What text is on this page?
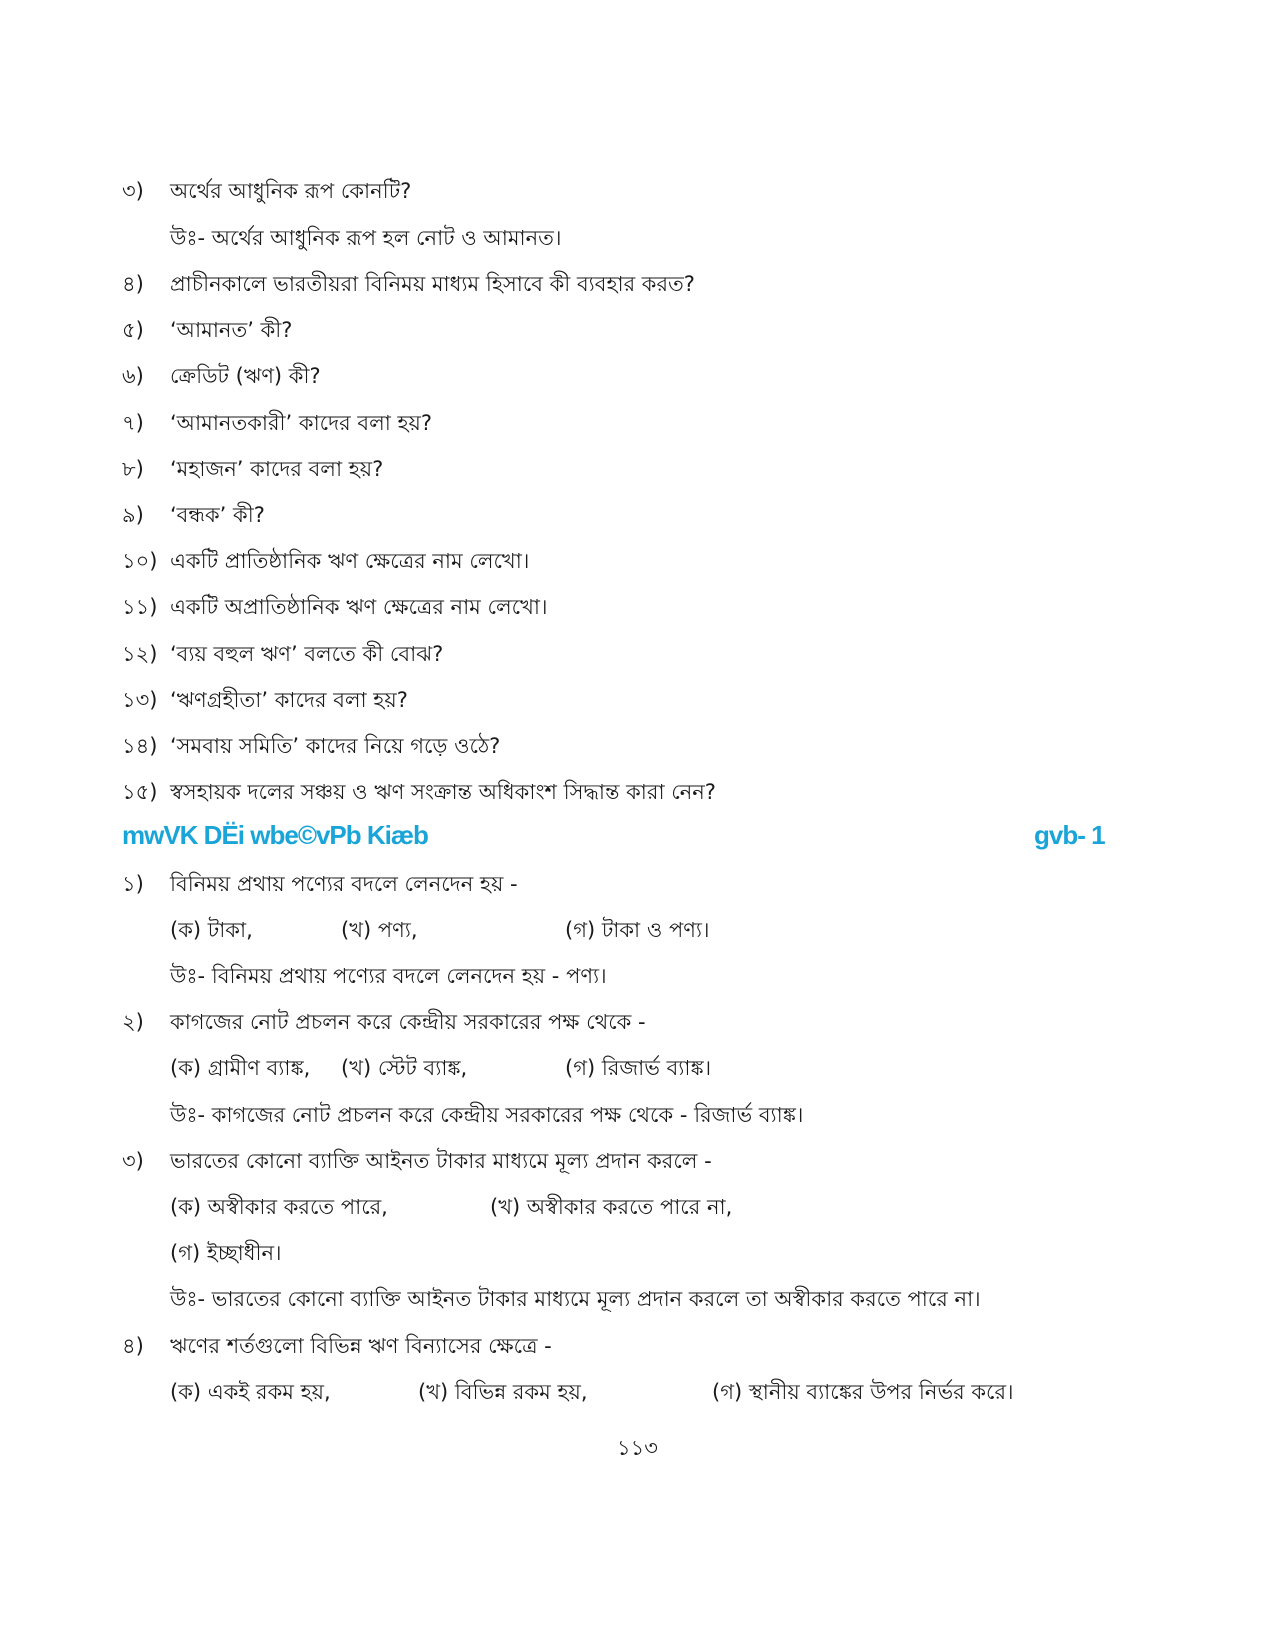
৩)	অর্থের আধুনিক রূপ কোনটি?
উঃ- অর্থের আধুনিক রূপ হল নোট ও আমানত।
৪)	প্রাচীনকালে ভারতীয়রা বিনিময় মাধ্যম হিসাবে কী ব্যবহার করত?
৫)	‘আমানত’ কী?
৬)	ক্রেডিট (ঋণ) কী?
৭)	‘আমানতকারী’ কাদের বলা হয়?
৮)	‘মহাজন’ কাদের বলা হয়?
৯)	‘বন্ধক’ কী?
১০) একটি প্রাতিষ্ঠানিক ঋণ ক্ষেত্রের নাম লেখো।
১১) একটি অপ্রাতিষ্ঠানিক ঋণ ক্ষেত্রের নাম লেখো।
১২) ‘ব্যয় বহুল ঋণ’ বলতে কী বোঝ?
১৩) ‘ঋণগ্রহীতা’ কাদের বলা হয়?
১৪) ‘সমবায় সমিতি’ কাদের নিয়ে গড়ে ওঠে?
১৫) স্বসহায়ক দলের সঞ্চয় ও ঋণ সংক্রান্ত অধিকাংশ সিদ্ধান্ত কারা নেন?
mwVK DËi wbe©vPb Kiæb	gvb- 1
১)	বিনিময় প্রথায় পণ্যের বদলে লেনদেন হয় -
(ক) টাকা,	(খ) পণ্য,	(গ) টাকা ও পণ্য।
উঃ- বিনিময় প্রথায় পণ্যের বদলে লেনদেন হয় - পণ্য।
২)	কাগজের নোট প্রচলন করে কেন্দ্রীয় সরকারের পক্ষ থেকে -
(ক) গ্রামীণ ব্যাঙ্ক, (খ) স্টেট ব্যাঙ্ক,	(গ) রিজার্ভ ব্যাঙ্ক।
উঃ- কাগজের নোট প্রচলন করে কেন্দ্রীয় সরকারের পক্ষ থেকে - রিজার্ভ ব্যাঙ্ক।
৩)	ভারতের কোনো ব্যাক্তি আইনত টাকার মাধ্যমে মূল্য প্রদান করলে -
(ক) অস্বীকার করতে পারে,	(খ) অস্বীকার করতে পারে না,
(গ) ইচ্ছাধীন।
উঃ- ভারতের কোনো ব্যাক্তি আইনত টাকার মাধ্যমে মূল্য প্রদান করলে তা অস্বীকার করতে পারে না।
৪)	ঋণের শর্তগুলো বিভিন্ন ঋণ বিন্যাসের ক্ষেত্রে -
(ক) একই রকম হয়,	(খ) বিভিন্ন রকম হয়,	(গ) স্থানীয় ব্যাঙ্কের উপর নির্ভর করে।
১১৩
